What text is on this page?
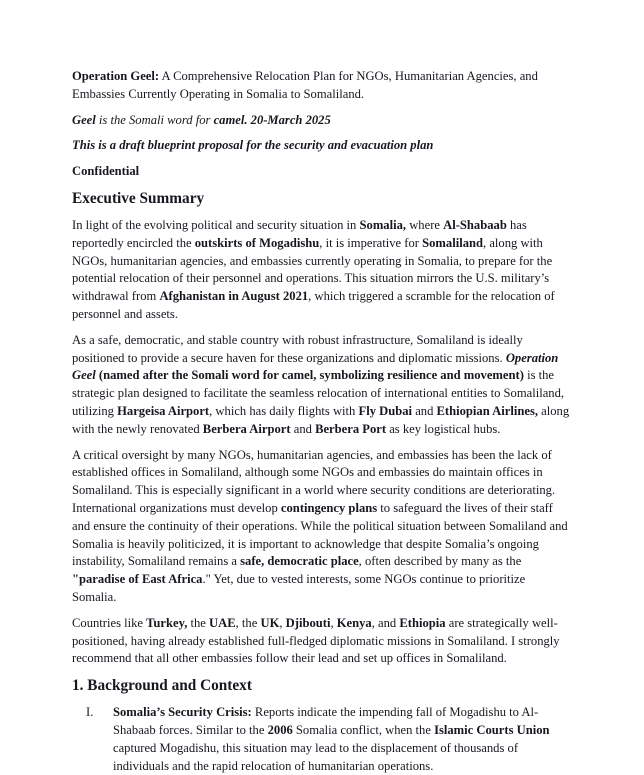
Operation Geel: A Comprehensive Relocation Plan for NGOs, Humanitarian Agencies, and Embassies Currently Operating in Somalia to Somaliland.

Geel is the Somali word for camel. 20-March 2025

This is a draft blueprint proposal for the security and evacuation plan

Confidential

Executive Summary

In light of the evolving political and security situation in Somalia, where Al-Shabaab has reportedly encircled the outskirts of Mogadishu, it is imperative for Somaliland, along with NGOs, humanitarian agencies, and embassies currently operating in Somalia, to prepare for the potential relocation of their personnel and operations. This situation mirrors the U.S. military’s withdrawal from Afghanistan in August 2021, which triggered a scramble for the relocation of personnel and assets.

As a safe, democratic, and stable country with robust infrastructure, Somaliland is ideally positioned to provide a secure haven for these organizations and diplomatic missions. Operation Geel (named after the Somali word for camel, symbolizing resilience and movement) is the strategic plan designed to facilitate the seamless relocation of international entities to Somaliland, utilizing Hargeisa Airport, which has daily flights with Fly Dubai and Ethiopian Airlines, along with the newly renovated Berbera Airport and Berbera Port as key logistical hubs.

A critical oversight by many NGOs, humanitarian agencies, and embassies has been the lack of established offices in Somaliland, although some NGOs and embassies do maintain offices in Somaliland. This is especially significant in a world where security conditions are deteriorating. International organizations must develop contingency plans to safeguard the lives of their staff and ensure the continuity of their operations. While the political situation between Somaliland and Somalia is heavily politicized, it is important to acknowledge that despite Somalia’s ongoing instability, Somaliland remains a safe, democratic place, often described by many as the "paradise of East Africa." Yet, due to vested interests, some NGOs continue to prioritize Somalia.

Countries like Turkey, the UAE, the UK, Djibouti, Kenya, and Ethiopia are strategically well-positioned, having already established full-fledged diplomatic missions in Somaliland. I strongly recommend that all other embassies follow their lead and set up offices in Somaliland.

1. Background and Context
I.	Somalia’s Security Crisis: Reports indicate the impending fall of Mogadishu to Al-Shabaab forces. Similar to the 2006 Somalia conflict, when the Islamic Courts Union captured Mogadishu, this situation may lead to the displacement of thousands of individuals and the rapid relocation of humanitarian operations.
